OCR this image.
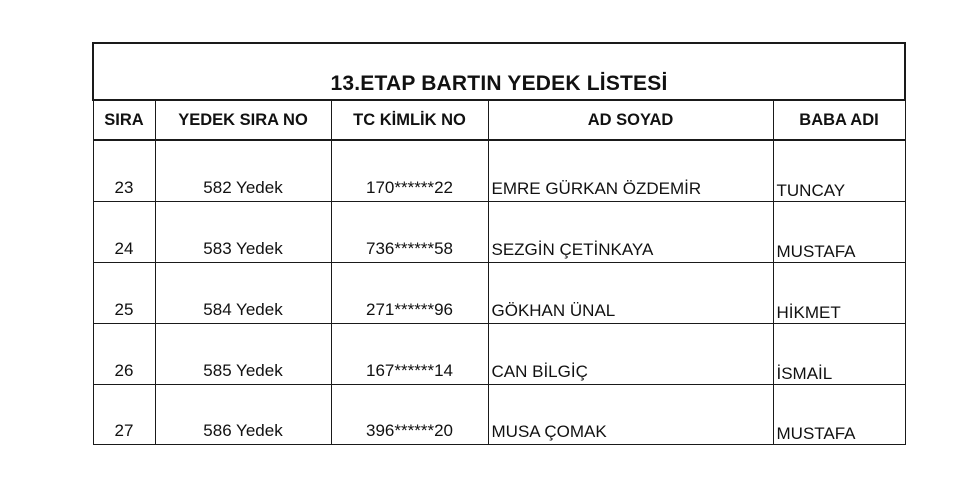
13.ETAP BARTIN YEDEK LİSTESİ				
SIRA	YEDEK SIRA NO	TC KİMLİK NO	AD SOYAD	BABA ADI
23	582 Yedek	170******22	EMRE GÜRKAN ÖZDEMİR	TUNCAY
24	583 Yedek	736******58	SEZGİN ÇETİNKAYA	MUSTAFA
25	584 Yedek	271******96	GÖKHAN ÜNAL	HİKMET
26	585 Yedek	167******14	CAN BİLGİÇ	İSMAİL
27	586 Yedek	396******20	MUSA ÇOMAK	MUSTAFA
